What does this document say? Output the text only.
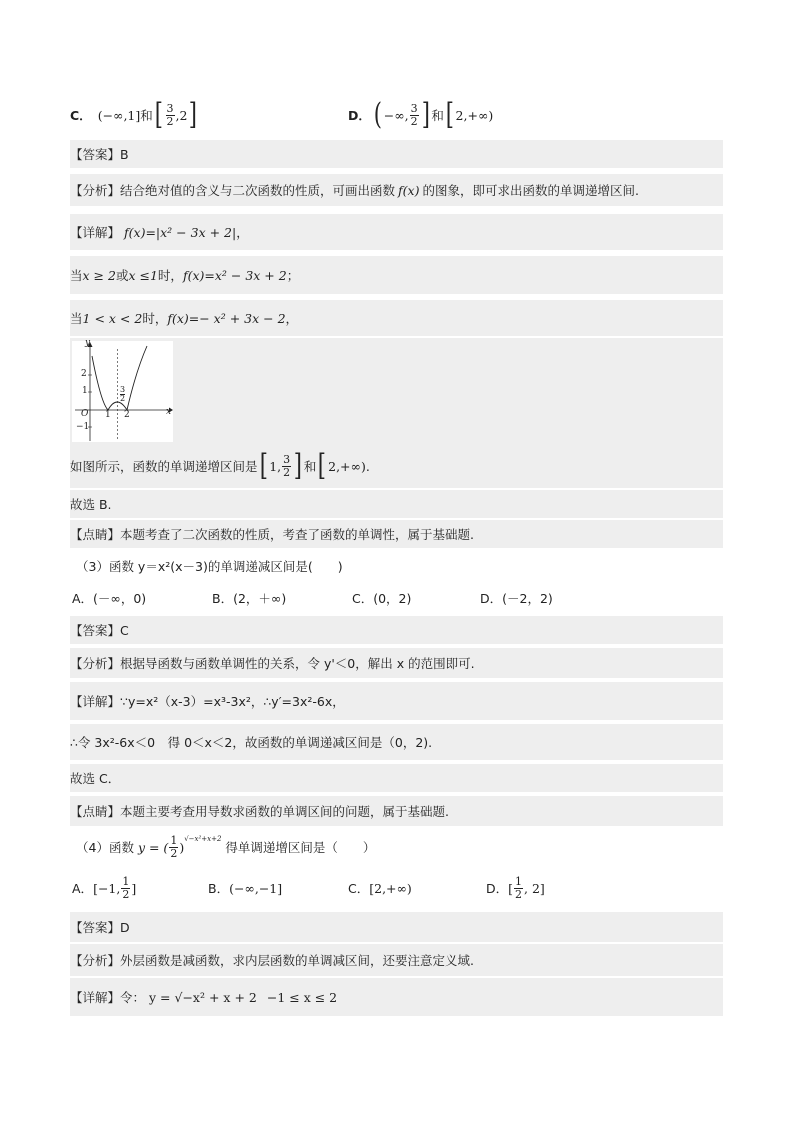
C． (−∞,1] 和 [ $\frac{3}{2} ,2$ ]	D． ( −∞, $\frac{3}{2}$ ] 和 [ 2,+∞)
【答案】B
【分析】结合绝对值的含义与二次函数的性质，可画出函数 f(x) 的图象，即可求出函数的单调递增区间.
【详解】 f(x)=|x² − 3x + 2| ，
当 x ≥ 2 或 x ≤1 时， f(x)=x² − 3x + 2 ；
当 1 < x < 2 时， f(x)=− x² + 3x − 2 ，
y
x
O
2
1
−1
1 2
3
2
如图所示，函数的单调递增区间是 [ 1, $\frac{3}{2}$ ] 和 [ 2,+∞) .
故选 B.
【点睛】本题考查了二次函数的性质，考查了函数的单调性，属于基础题.
（3）函数 y＝x²(x－3)的单调递减区间是(　　)
A．(－∞，0)	B．(2，＋∞)	C．(0，2)	D．(－2，2)
【答案】C
【分析】根据导函数与函数单调性的关系，令 y'＜0，解出 x 的范围即可.
【详解】∵y=x²（x-3）=x³-3x²，∴y′=3x²-6x，
∴令 3x²-6x＜0　得 0＜x＜2，故函数的单调递减区间是（0，2).
故选 C．
【点睛】本题主要考查用导数求函数的单调区间的问题，属于基础题.
（4）函数 y = ( $\frac{1}{2}$ )
√−x²+x+2
得单调递增区间是（　　）
A． [−1, $\frac{1}{2}$ ]	B． (−∞,−1]	C． [2,+∞)	D． [ $\frac{1}{2}$ , 2]
【答案】D
【分析】外层函数是减函数，求内层函数的单调减区间，还要注意定义域.
【详解】令： y = √−x² + x + 2 −1 ≤ x ≤ 2
